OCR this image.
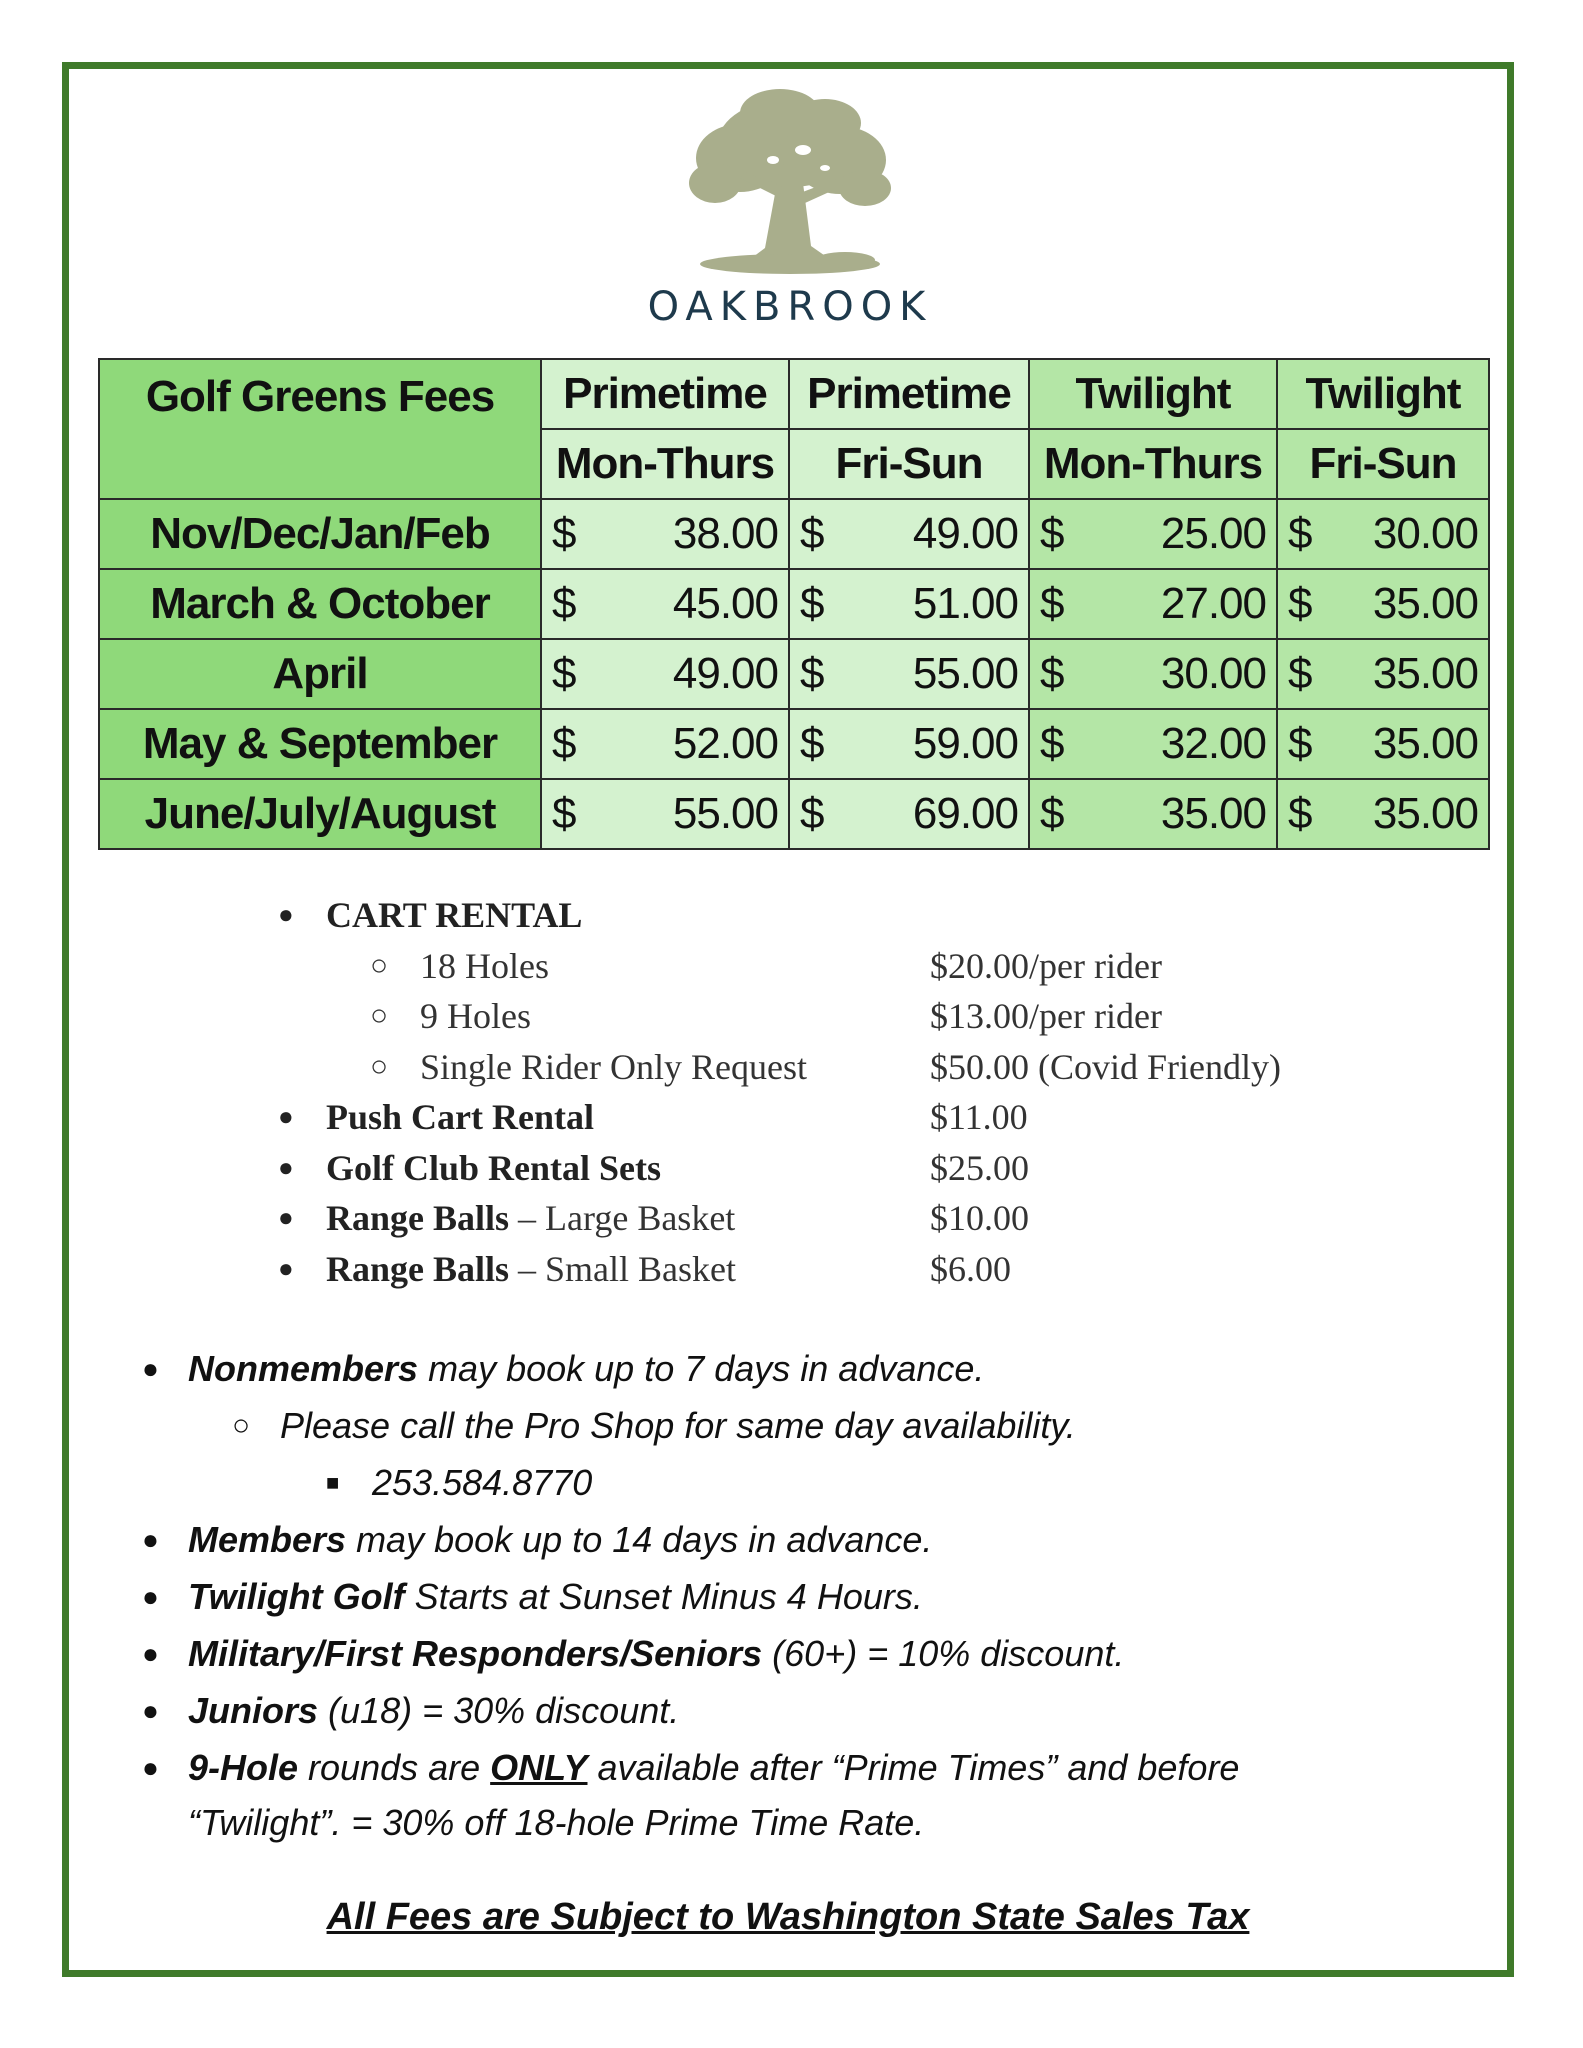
OAKBROOK
Golf Greens Fees	Primetime	Primetime	Twilight	Twilight
	Mon-Thurs	Fri-Sun	Mon-Thurs	Fri-Sun
Nov/Dec/Jan/Feb	$ 38.00	$ 49.00	$ 25.00	$ 30.00

March & October	$ 45.00	$ 51.00	$ 27.00	$ 35.00

April	$ 49.00	$ 55.00	$ 30.00	$ 35.00

May & September	$ 52.00	$ 59.00	$ 32.00	$ 35.00

June/July/August	$ 55.00	$ 69.00	$ 35.00	$ 35.00
● CART RENTAL
○ 18 Holes	$20.00/per rider
○ 9 Holes	$13.00/per rider
○ Single Rider Only Request	$50.00 (Covid Friendly)
● Push Cart Rental	$11.00
● Golf Club Rental Sets	$25.00
● Range Balls – Large Basket	$10.00
● Range Balls – Small Basket	$6.00
● Nonmembers may book up to 7 days in advance.
○ Please call the Pro Shop for same day availability.
■ 253.584.8770
● Members may book up to 14 days in advance.
● Twilight Golf Starts at Sunset Minus 4 Hours.
● Military/First Responders/Seniors (60+) = 10% discount.
● Juniors (u18) = 30% discount.
● 9-Hole rounds are ONLY available after “Prime Times” and before
“Twilight”. = 30% off 18-hole Prime Time Rate.
All Fees are Subject to Washington State Sales Tax
